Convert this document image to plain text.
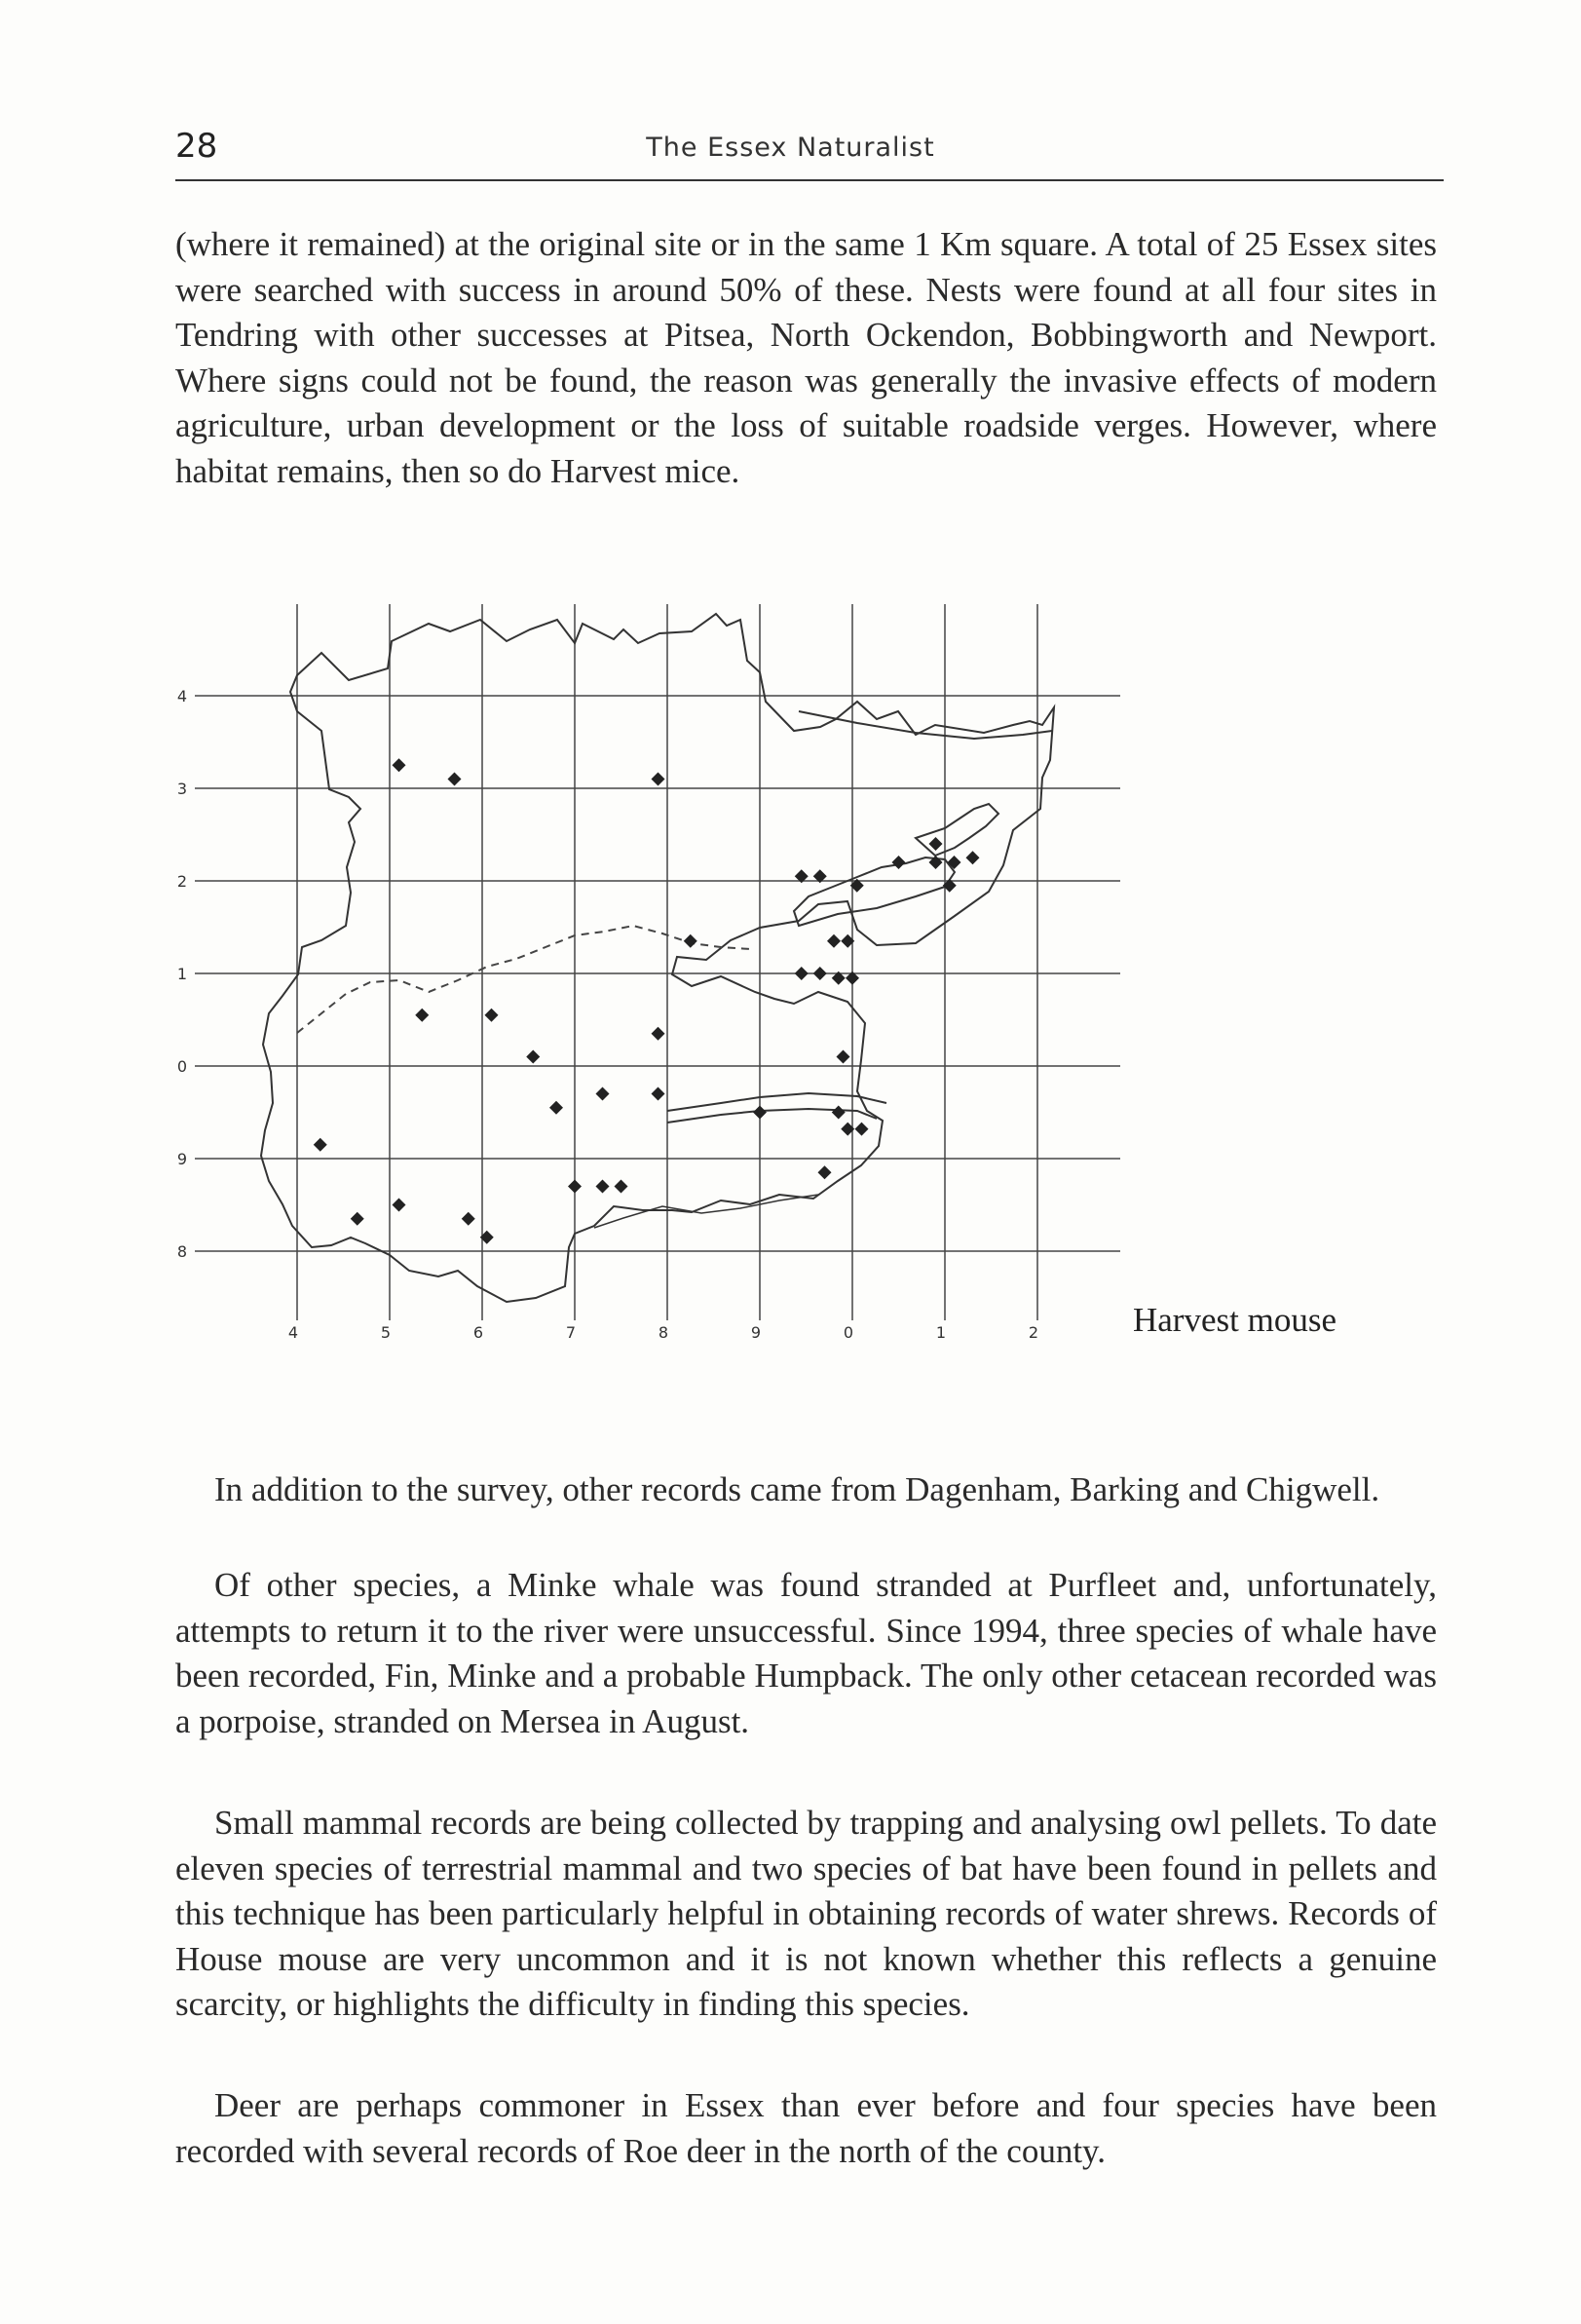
28	The Essex Naturalist

(where it remained) at the original site or in the same 1 Km square. A total of 25 Essex sites were searched with success in around 50% of these. Nests were found at all four sites in Tendring with other successes at Pitsea, North Ockendon, Bobbingworth and Newport. Where signs could not be found, the reason was generally the invasive effects of modern agriculture, urban development or the loss of suitable roadside verges. However, where habitat remains, then so do Harvest mice.

4	5	6	7	8	9	0	1	2
4
3
2
1
0
9
8
Harvest mouse

In addition to the survey, other records came from Dagenham, Barking and Chigwell.

Of other species, a Minke whale was found stranded at Purfleet and, unfortunately, attempts to return it to the river were unsuccessful. Since 1994, three species of whale have been recorded, Fin, Minke and a probable Humpback. The only other cetacean recorded was a porpoise, stranded on Mersea in August.

Small mammal records are being collected by trapping and analysing owl pellets. To date eleven species of terrestrial mammal and two species of bat have been found in pellets and this technique has been particularly helpful in obtaining records of water shrews. Records of House mouse are very uncommon and it is not known whether this reflects a genuine scarcity, or highlights the difficulty in finding this species.

Deer are perhaps commoner in Essex than ever before and four species have been recorded with several records of Roe deer in the north of the county.
